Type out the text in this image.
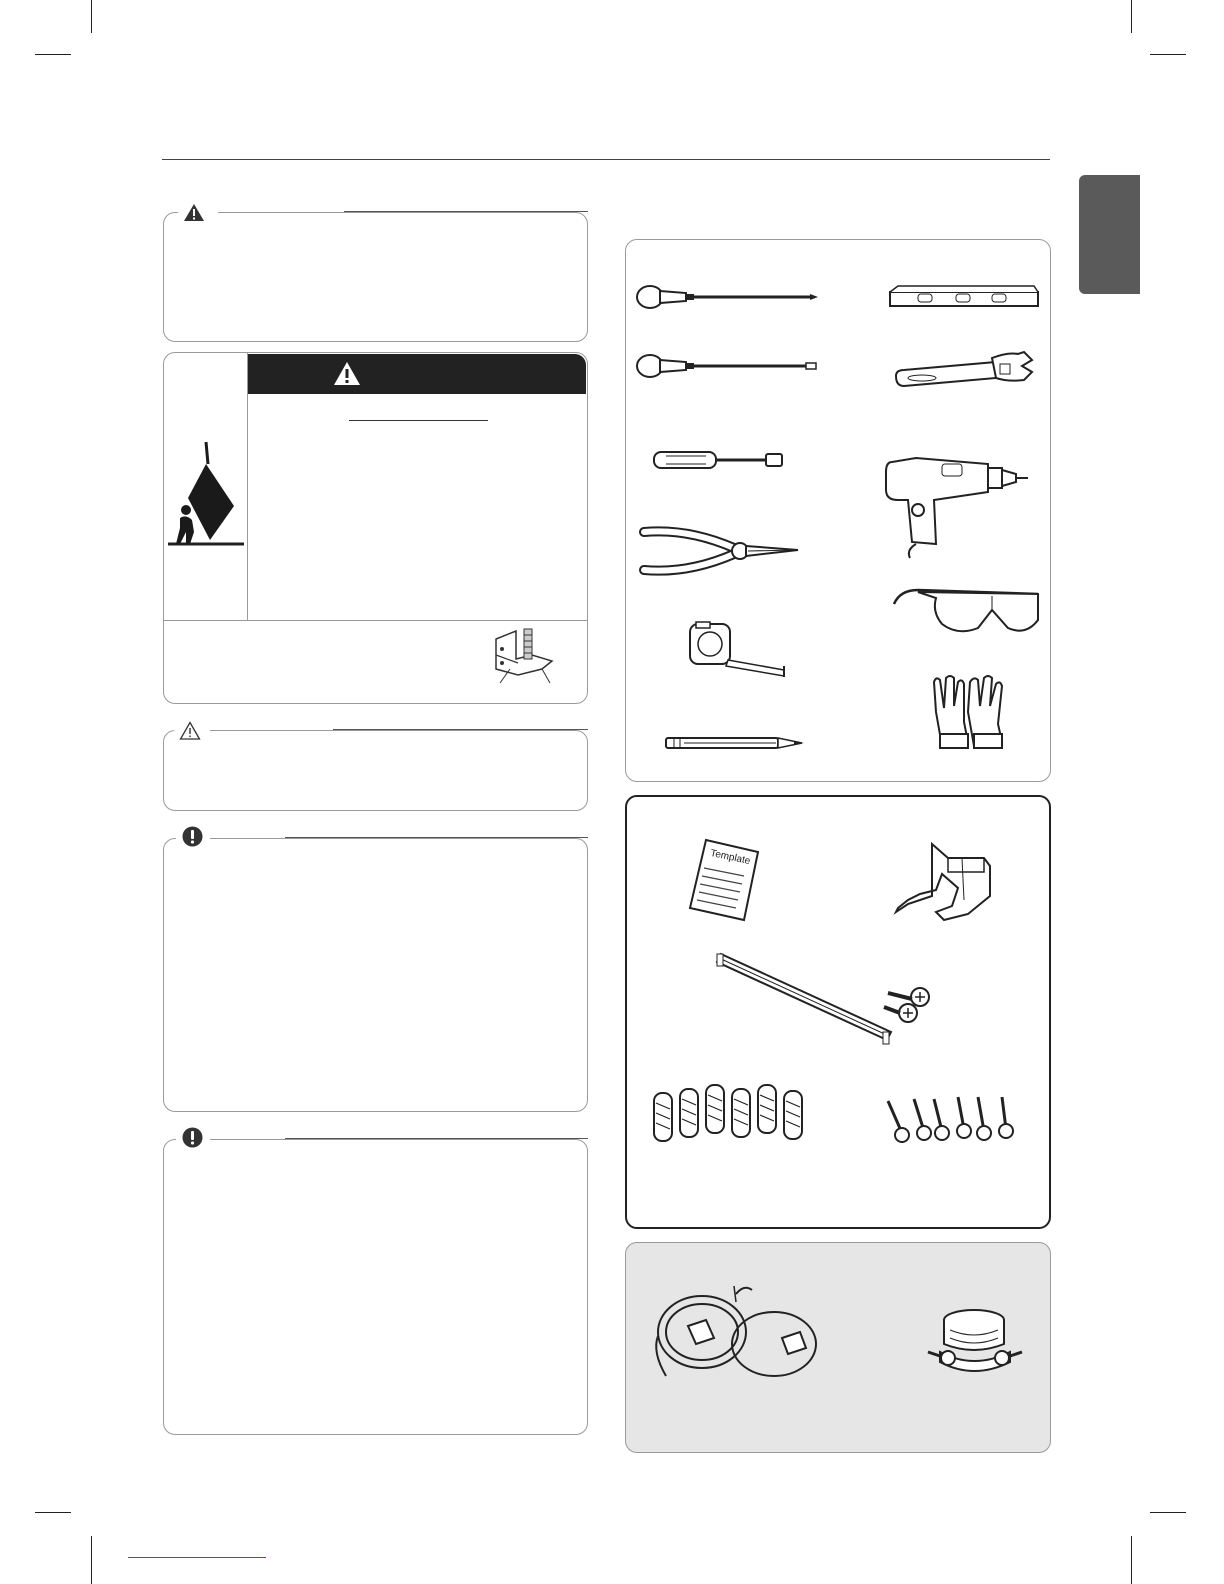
Template
